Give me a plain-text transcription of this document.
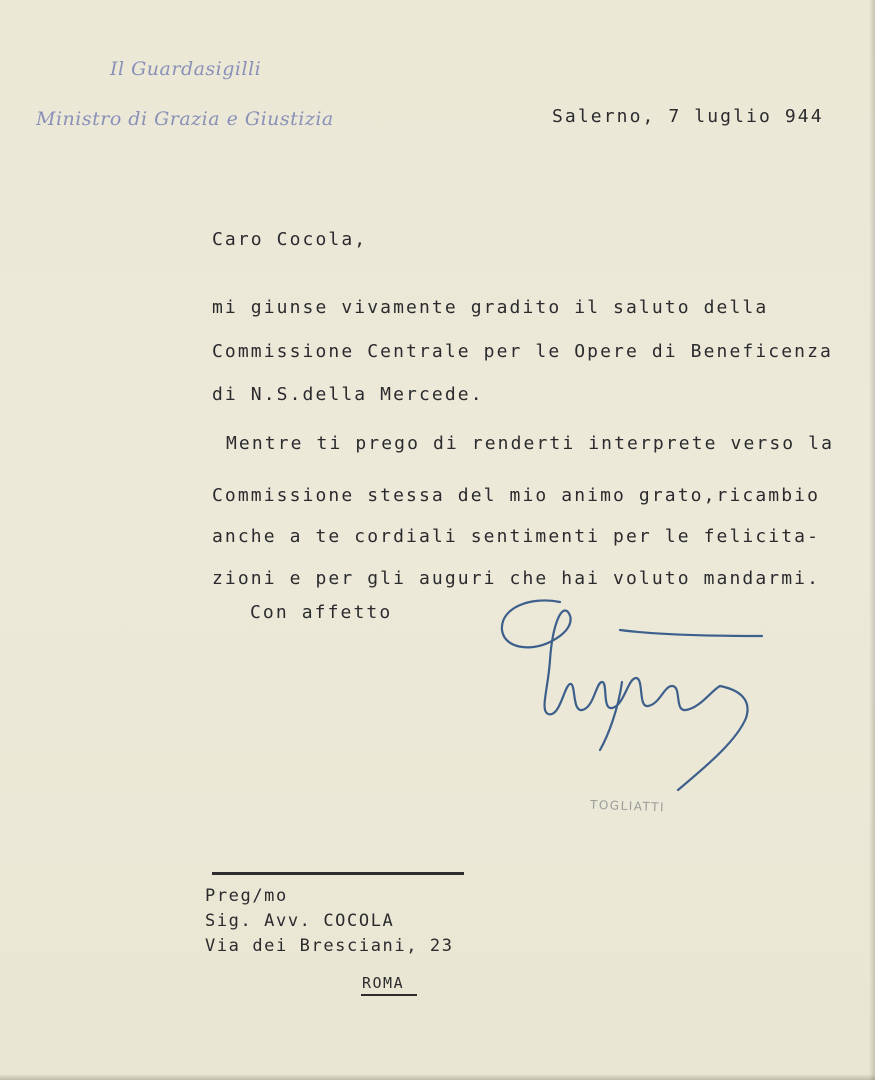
Il Guardasigilli
Ministro di Grazia e Giustizia	Salerno, 7 luglio 944
Caro Cocola,
mi giunse vivamente gradito il saluto della
Commissione Centrale per le Opere di Beneficenza
di N.S.della Mercede.
Mentre ti prego di renderti interprete verso la
Commissione stessa del mio animo grato,ricambio
anche a te cordiali sentimenti per le felicita-
zioni e per gli auguri che hai voluto mandarmi.
Con affetto
TOGLIATTI
Preg/mo
Sig. Avv. COCOLA
Via dei Bresciani, 23
ROMA
